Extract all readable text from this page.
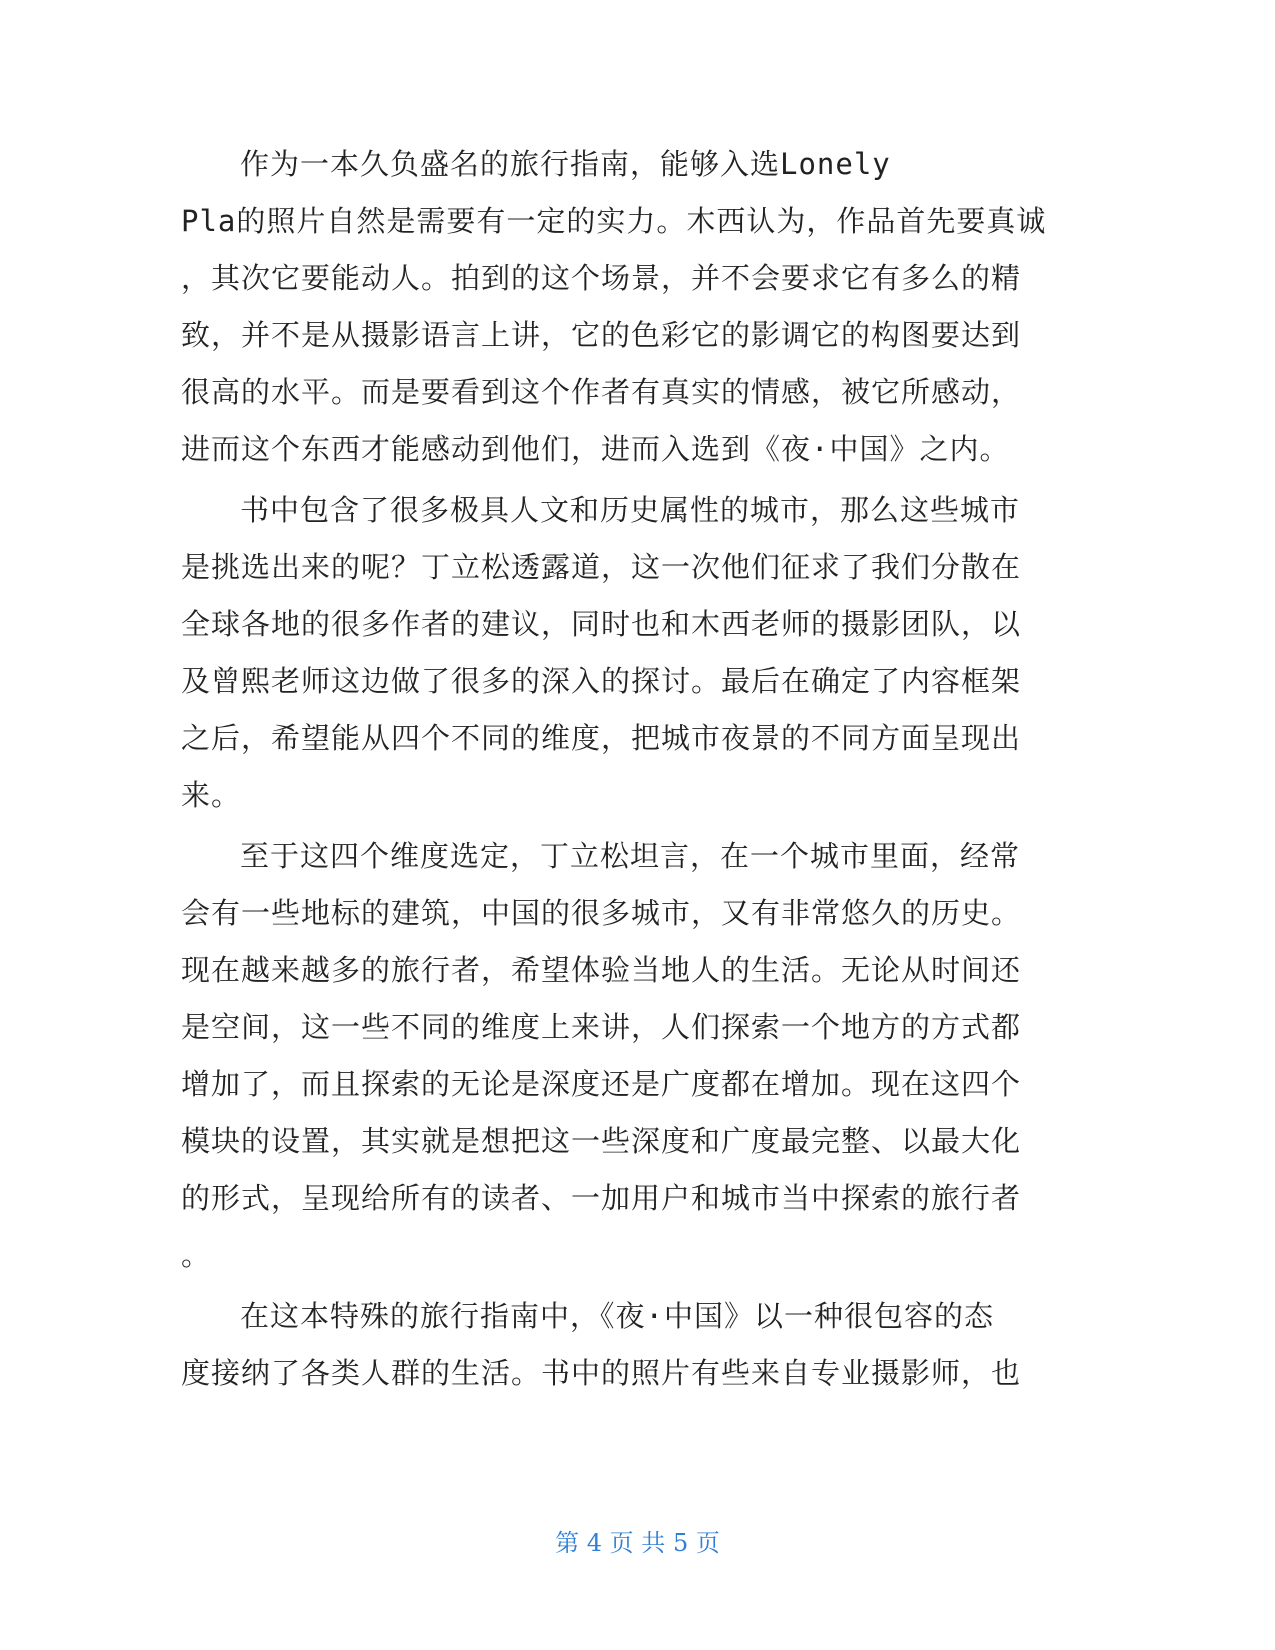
作为一本久负盛名的旅行指南，能够入选Lonely
Pla的照片自然是需要有一定的实力。木西认为，作品首先要真诚
，其次它要能动人。拍到的这个场景，并不会要求它有多么的精
致，并不是从摄影语言上讲，它的色彩它的影调它的构图要达到
很高的水平。而是要看到这个作者有真实的情感，被它所感动，
进而这个东西才能感动到他们，进而入选到《夜·中国》之内。
书中包含了很多极具人文和历史属性的城市，那么这些城市
是挑选出来的呢？丁立松透露道，这一次他们征求了我们分散在
全球各地的很多作者的建议，同时也和木西老师的摄影团队，以
及曾熙老师这边做了很多的深入的探讨。最后在确定了内容框架
之后，希望能从四个不同的维度，把城市夜景的不同方面呈现出
来。
至于这四个维度选定，丁立松坦言，在一个城市里面，经常
会有一些地标的建筑，中国的很多城市，又有非常悠久的历史。
现在越来越多的旅行者，希望体验当地人的生活。无论从时间还
是空间，这一些不同的维度上来讲，人们探索一个地方的方式都
增加了，而且探索的无论是深度还是广度都在增加。现在这四个
模块的设置，其实就是想把这一些深度和广度最完整、以最大化
的形式，呈现给所有的读者、一加用户和城市当中探索的旅行者
。
在这本特殊的旅行指南中，《夜·中国》以一种很包容的态
度接纳了各类人群的生活。书中的照片有些来自专业摄影师，也
第 4 页 共 5 页
